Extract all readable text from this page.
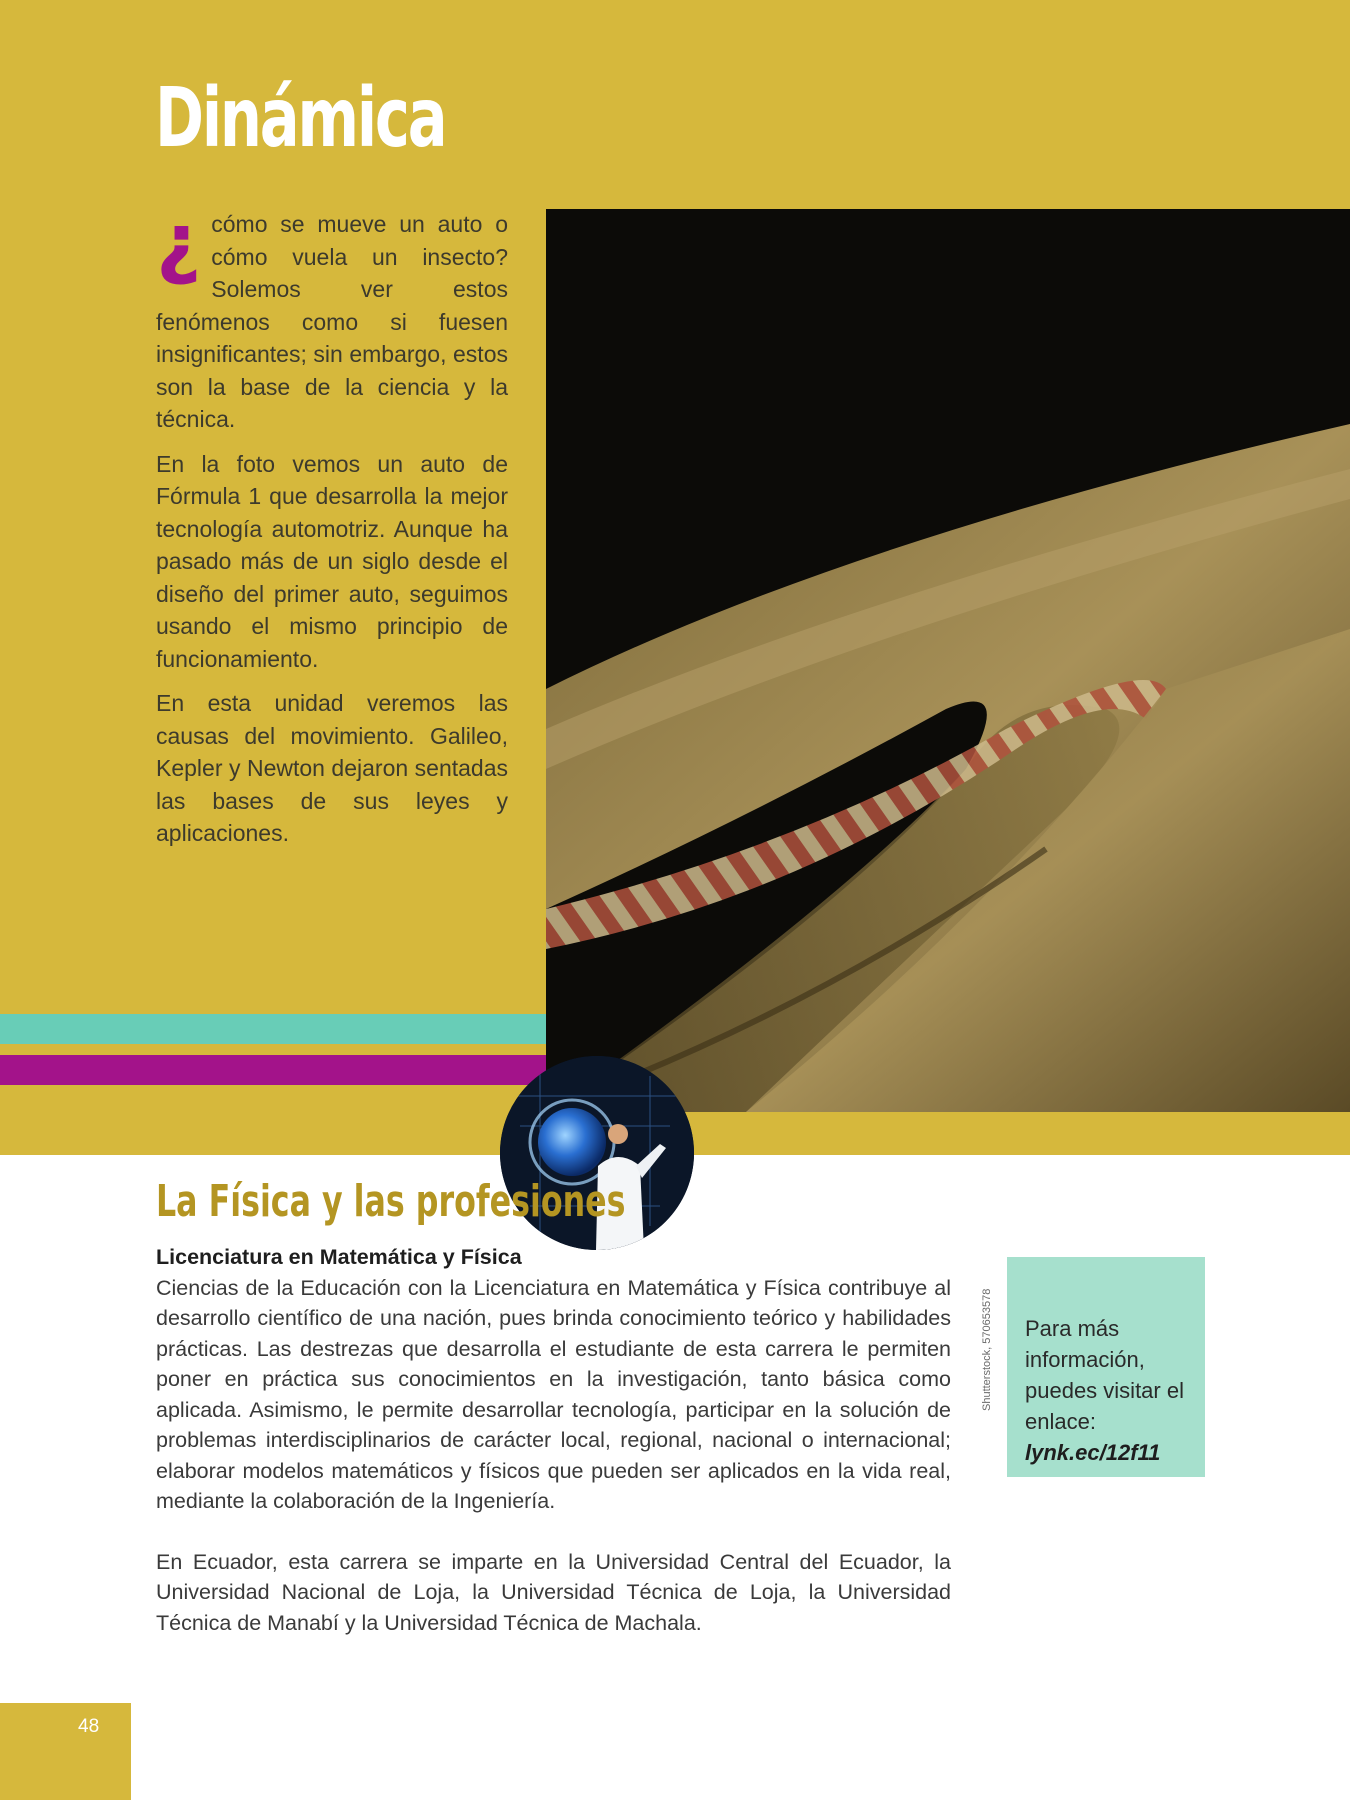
Dinámica

¿ cómo se mueve un auto o cómo vuela un insecto? Solemos ver estos fenómenos como si fuesen insignificantes; sin embargo, estos son la base de la ciencia y la técnica.

En la foto vemos un auto de Fórmula 1 que desarrolla la mejor tecnología automotriz. Aunque ha pasado más de un siglo desde el diseño del primer auto, seguimos usando el mismo principio de funcionamiento.

En esta unidad veremos las causas del movimiento. Galileo, Kepler y Newton dejaron sentadas las bases de sus leyes y aplicaciones.

La Física y las profesiones

Licenciatura en Matemática y Física

Ciencias de la Educación con la Licenciatura en Matemática y Física contribuye al desarrollo científico de una nación, pues brinda conocimiento teórico y habilidades prácticas. Las destrezas que desarrolla el estudiante de esta carrera le permiten poner en práctica sus conocimientos en la investigación, tanto básica como aplicada. Asimismo, le permite desarrollar tecnología, participar en la solución de problemas interdisciplinarios de carácter local, regional, nacional o internacional; elaborar modelos matemáticos y físicos que pueden ser aplicados en la vida real, mediante la colaboración de la Ingeniería.

En Ecuador, esta carrera se imparte en la Universidad Central del Ecuador, la Universidad Nacional de Loja, la Universidad Técnica de Loja, la Universidad Técnica de Manabí y la Universidad Técnica de Machala.

Shutterstock, 570653578 Para más información, puedes visitar el enlace:
lynk.ec/12f11
48
